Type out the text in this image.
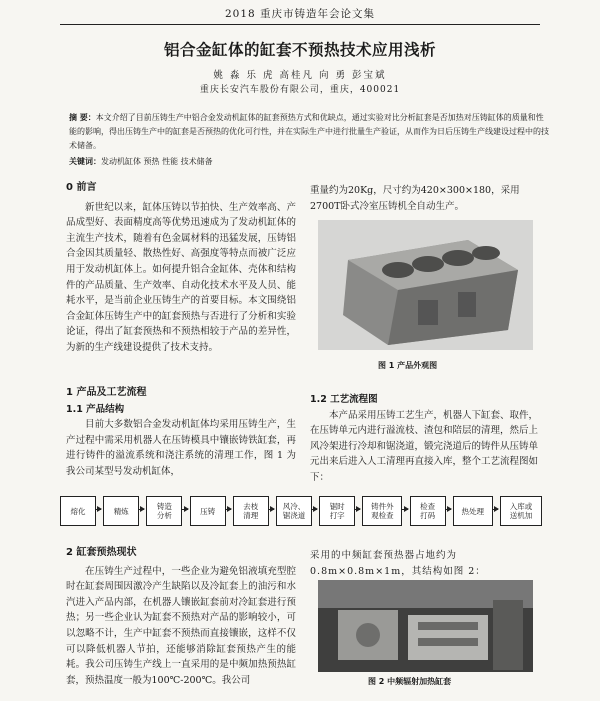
2018 重庆市铸造年会论文集
铝合金缸体的缸套不预热技术应用浅析
姚 淼 乐 虎 高桂凡 向 勇 彭宝斌
重庆长安汽车股份有限公司，重庆，400021
摘 要：本文介绍了目前压铸生产中铝合金发动机缸体的缸套预热方式和优缺点，通过实验对比分析缸套是否加热对压铸缸体的质量和性能的影响，得出压铸生产中的缸套是否预热的优化可行性，并在实际生产中进行批量生产验证，从而作为日后压铸生产线建设过程中的技术储备。
关键词：发动机缸体 预热 性能 技术储备
0 前言
新世纪以来，缸体压铸以节拍快、生产效率高、产品成型好、表面精度高等优势迅速成为了发动机缸体的主流生产技术，随着有色金属材料的迅猛发展，压铸铝合金因其质量轻、散热性好、高强度等特点而被广泛应用于发动机缸体上。如何提升铝合金缸体、壳体和结构件的产品质量、生产效率、自动化技术水平及人员、能耗水平，是当前企业压铸生产的首要目标。本文围绕铝合金缸体压铸生产中的缸套预热与否进行了分析和实验论证，得出了缸套预热和不预热相较于产品的差异性，为新的生产线建设提供了技术支持。
重量约为20Kg，尺寸约为420×300×180，采用2700T卧式冷室压铸机全自动生产。
图 1 产品外观图
1 产品及工艺流程
1.1 产品结构
目前大多数铝合金发动机缸体均采用压铸生产，生产过程中需采用机器人在压铸模具中镶嵌铸铁缸套，再进行铸件的溢流系统和浇注系统的清理工作，图 1 为我公司某型号发动机缸体，
1.2 工艺流程图
本产品采用压铸工艺生产，机器人下缸套、取件，在压铸单元内进行溢流枝、渣包和陪层的清理，然后上风冷架进行冷却和锯浇道，锻完浇道后的铸件从压铸单元出来后进入人工清理再直接入库，整个工艺流程图如下：
熔化	精炼	铸造
分析	压铸	去枝
清理
风冷、
锯浇道
锯时
打字
铸件外
观检查
检查
打码	热处理	入库或
送机加
2 缸套预热现状
在压铸生产过程中，一些企业为避免铝液填充型腔时在缸套周围因激冷产生缺陷以及冷缸套上的油污和水汽进入产品内部，在机器人镶嵌缸套前对冷缸套进行预热；另一些企业认为缸套不预热对产品的影响较小，可以忽略不计，生产中缸套不预热而直接镶嵌，这样不仅可以降低机器人节拍，还能够消除缸套预热产生的能耗。我公司压铸生产线上一直采用的是中频加热预热缸套，预热温度一般为100℃-200℃。我公司
采用的中频缸套预热器占地约为0.8m×0.8m×1m，其结构如图 2：
图 2 中频辐射加热缸套
